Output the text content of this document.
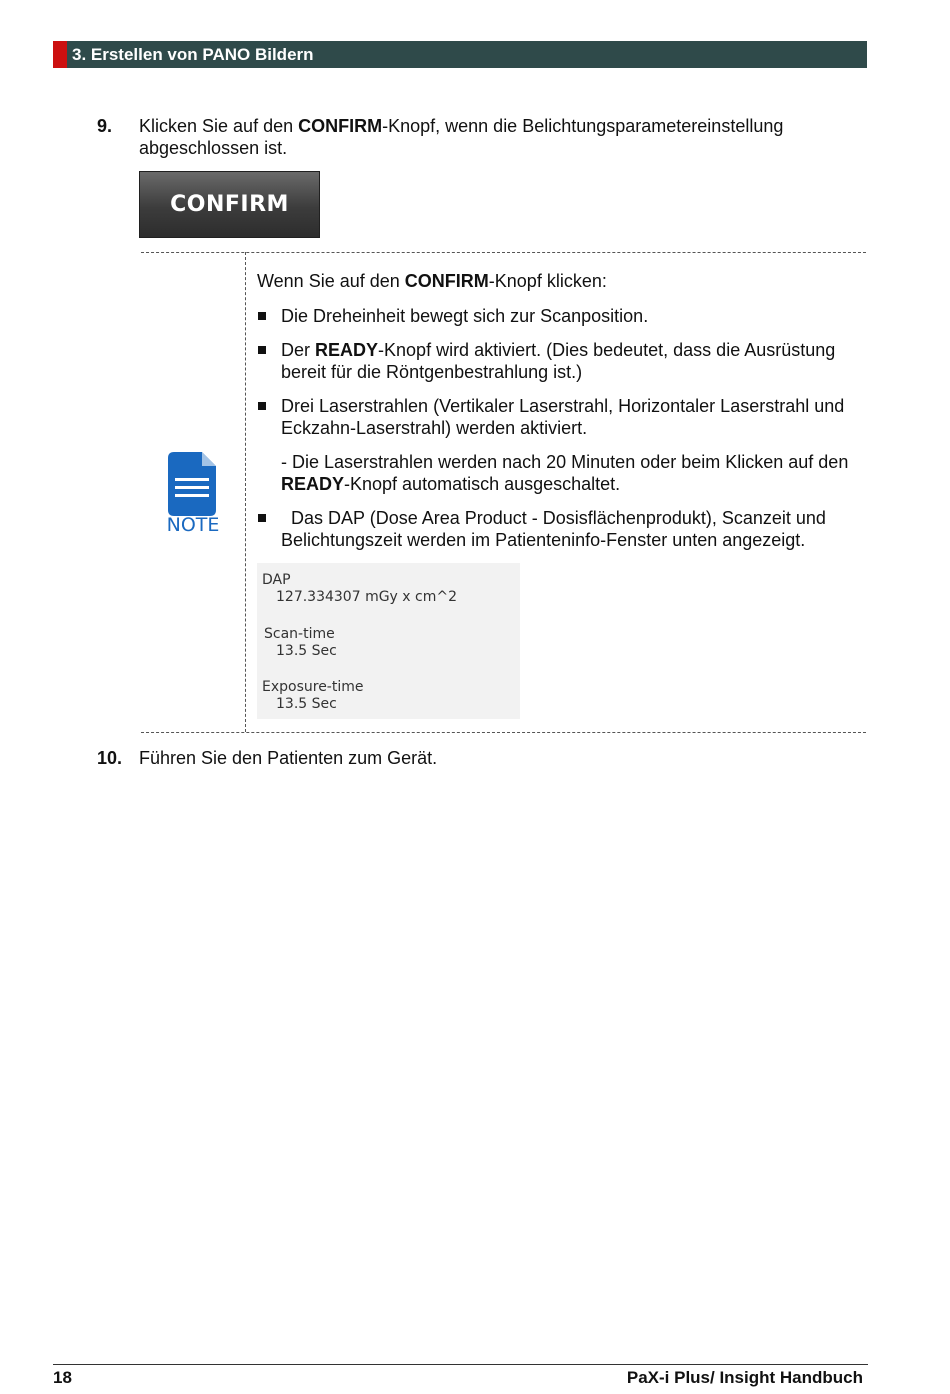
3. Erstellen von PANO Bildern
9. Klicken Sie auf den CONFIRM-Knopf, wenn die Belichtungsparametereinstellung abgeschlossen ist.
CONFIRM
NOTE
Wenn Sie auf den CONFIRM-Knopf klicken:
Die Dreheinheit bewegt sich zur Scanposition.
Der READY-Knopf wird aktiviert. (Dies bedeutet, dass die Ausrüstung bereit für die Röntgenbestrahlung ist.)
Drei Laserstrahlen (Vertikaler Laserstrahl, Horizontaler Laserstrahl und Eckzahn-Laserstrahl) werden aktiviert.
- Die Laserstrahlen werden nach 20 Minuten oder beim Klicken auf den READY-Knopf automatisch ausgeschaltet.
Das DAP (Dose Area Product - Dosisflächenprodukt), Scanzeit und Belichtungszeit werden im Patienteninfo-Fenster unten angezeigt.
DAP
127.334307 mGy x cm^2
Scan-time
13.5 Sec
Exposure-time
13.5 Sec
10. Führen Sie den Patienten zum Gerät.
18	PaX-i Plus/ Insight Handbuch
